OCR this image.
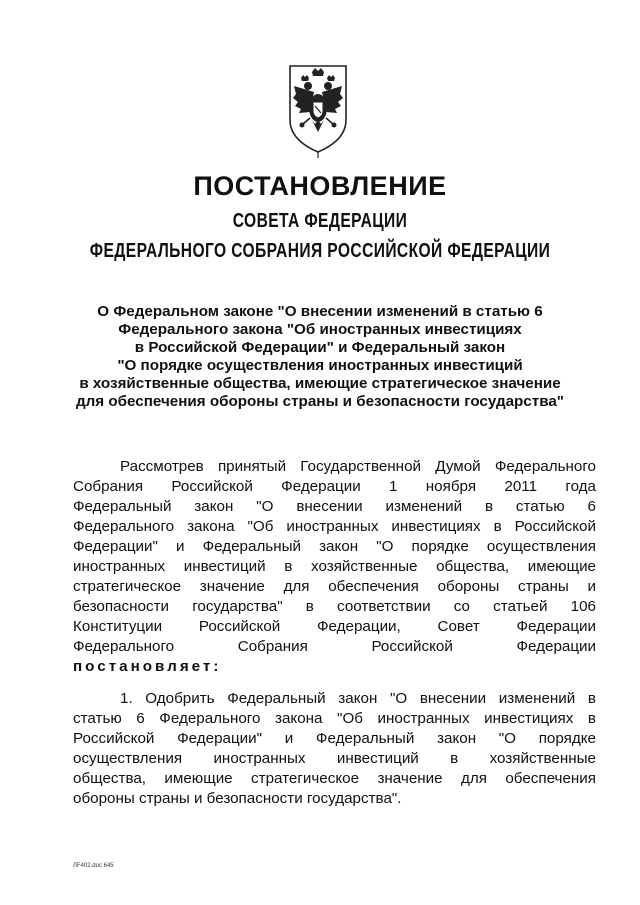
ПОСТАНОВЛЕНИЕ
СОВЕТА ФЕДЕРАЦИИ
ФЕДЕРАЛЬНОГО СОБРАНИЯ РОССИЙСКОЙ ФЕДЕРАЦИИ
О Федеральном законе "О внесении изменений в статью 6
Федерального закона "Об иностранных инвестициях
в Российской Федерации" и Федеральный закон
"О порядке осуществления иностранных инвестиций
в хозяйственные общества, имеющие стратегическое значение
для обеспечения обороны страны и безопасности государства"
Рассмотрев принятый Государственной Думой Федерального
Собрания Российской Федерации 1 ноября 2011 года
Федеральный закон "О внесении изменений в статью 6
Федерального закона "Об иностранных инвестициях в Российской
Федерации" и Федеральный закон "О порядке осуществления
иностранных инвестиций в хозяйственные общества, имеющие
стратегическое значение для обеспечения обороны страны и
безопасности государства" в соответствии со статьей 106
Конституции Российской Федерации, Совет Федерации
Федерального Собрания Российской Федерации
постановляет:
1. Одобрить Федеральный закон "О внесении изменений в
статью 6 Федерального закона "Об иностранных инвестициях в
Российской Федерации" и Федеральный закон "О порядке
осуществления иностранных инвестиций в хозяйственные
общества, имеющие стратегическое значение для обеспечения
обороны страны и безопасности государства".
ЛF402.doc 645
